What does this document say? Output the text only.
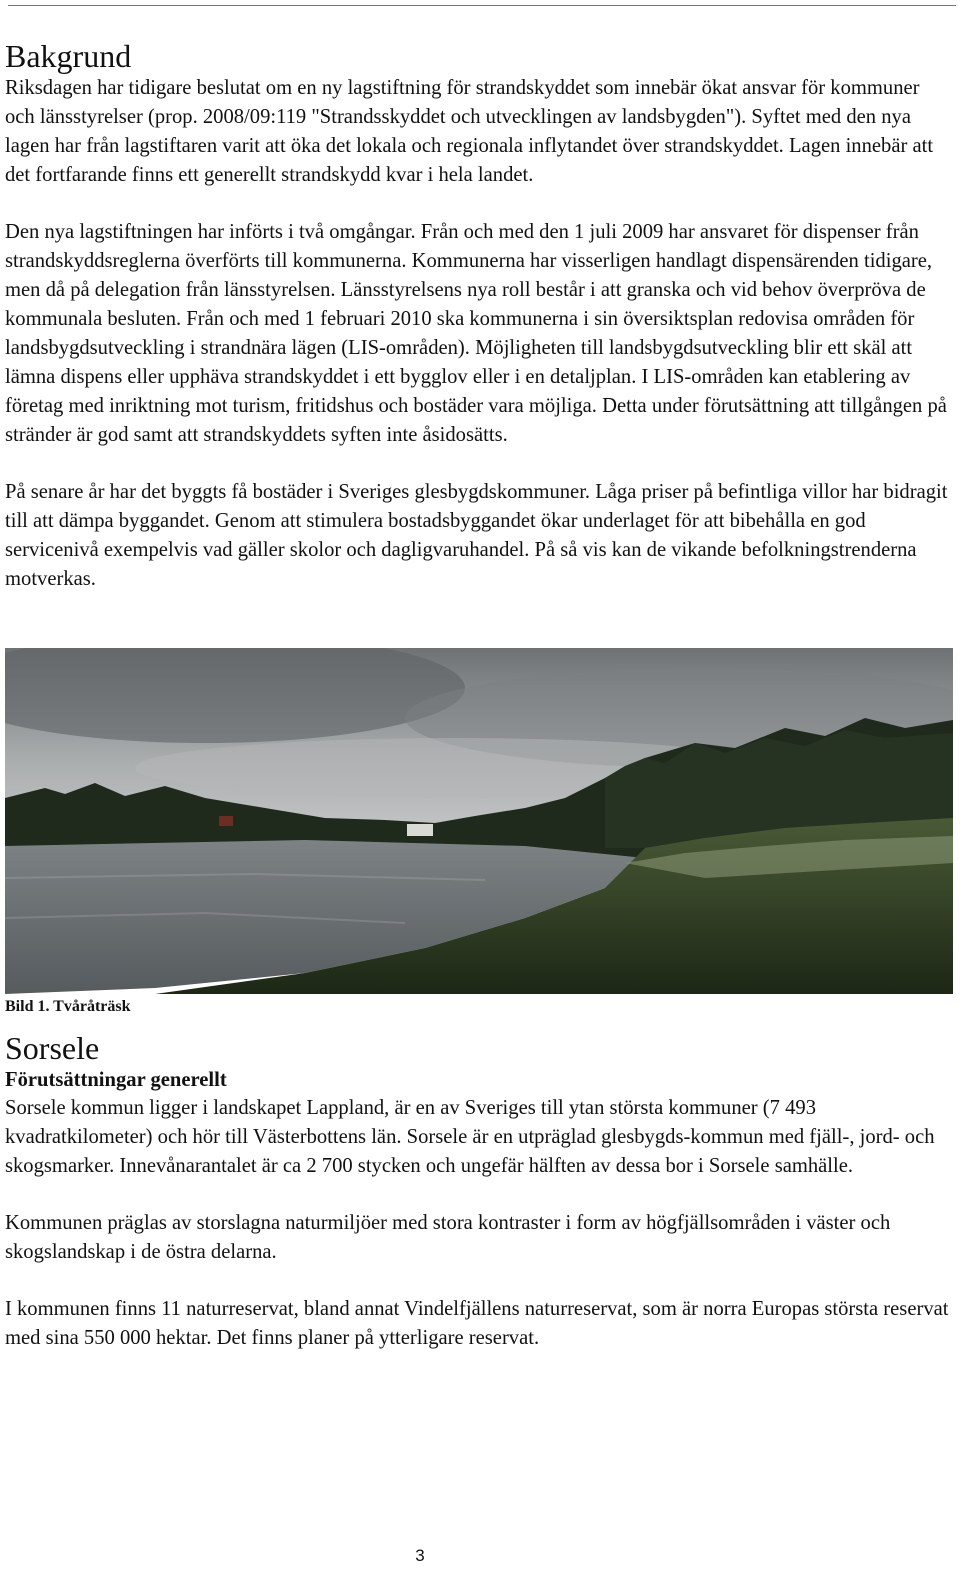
Bakgrund

Riksdagen har tidigare beslutat om en ny lagstiftning för strandskyddet som innebär ökat ansvar för kommuner och länsstyrelser (prop. 2008/09:119 "Strandsskyddet och utvecklingen av landsbygden"). Syftet med den nya lagen har från lagstiftaren varit att öka det lokala och regionala inflytandet över strandskyddet. Lagen innebär att det fortfarande finns ett generellt strandskydd kvar i hela landet.

Den nya lagstiftningen har införts i två omgångar. Från och med den 1 juli 2009 har ansvaret för dispenser från strandskyddsreglerna överförts till kommunerna. Kommunerna har visserligen handlagt dispensärenden tidigare, men då på delegation från länsstyrelsen. Länsstyrelsens nya roll består i att granska och vid behov överpröva de kommunala besluten. Från och med 1 februari 2010 ska kommunerna i sin översiktsplan redovisa områden för landsbygdsutveckling i strandnära lägen (LIS-områden). Möjligheten till landsbygdsutveckling blir ett skäl att lämna dispens eller upphäva strandskyddet i ett bygglov eller i en detaljplan. I LIS-områden kan etablering av företag med inriktning mot turism, fritidshus och bostäder vara möjliga. Detta under förutsättning att tillgången på stränder är god samt att strandskyddets syften inte åsidosätts.

På senare år har det byggts få bostäder i Sveriges glesbygdskommuner. Låga priser på befintliga villor har bidragit till att dämpa byggandet. Genom att stimulera bostadsbyggandet ökar underlaget för att bibehålla en god servicenivå exempelvis vad gäller skolor och dagligvaruhandel. På så vis kan de vikande befolkningstrenderna motverkas.

Bild 1. Tvåråträsk
Sorsele
Förutsättningar generellt

Sorsele kommun ligger i landskapet Lappland, är en av Sveriges till ytan största kommuner (7 493 kvadratkilometer) och hör till Västerbottens län. Sorsele är en utpräglad glesbygds-kommun med fjäll-, jord- och skogsmarker. Innevånarantalet är ca 2 700 stycken och ungefär hälften av dessa bor i Sorsele samhälle.

Kommunen präglas av storslagna naturmiljöer med stora kontraster i form av högfjällsområden i väster och skogslandskap i de östra delarna.

I kommunen finns 11 naturreservat, bland annat Vindelfjällens naturreservat, som är norra Europas största reservat med sina 550 000 hektar. Det finns planer på ytterligare reservat.

3
